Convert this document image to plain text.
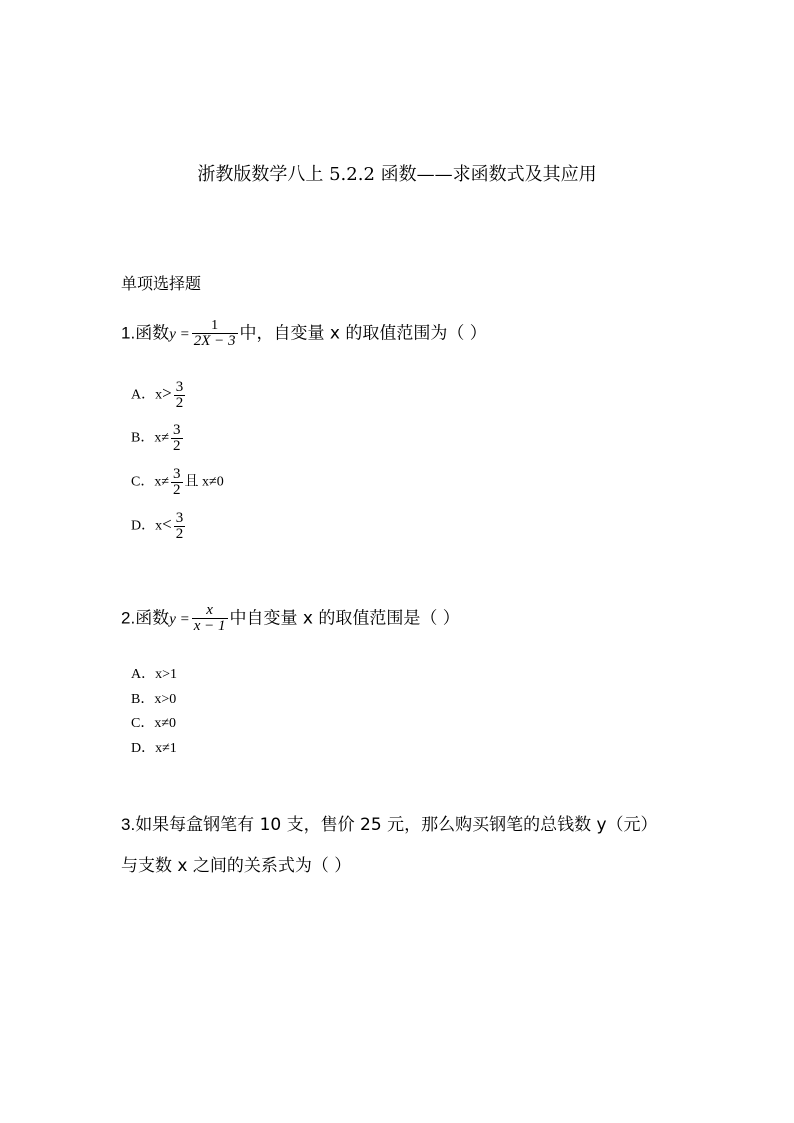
浙教版数学八上 5.2.2 函数——求函数式及其应用
单项选择题
1.函数$y = \frac{1}{2X - 3}$ 中，自变量 x 的取值范围为（ ）
A．$x> \frac{3}{2}$
B．$x\ne \frac{3}{2}$
C．$x\ne \frac{3}{2}$ 且 x≠0
D．$x< \frac{3}{2}$
2.函数$y = \frac{x}{x - 1}$ 中自变量 x 的取值范围是（ ）
A．x>1
B．x>0
C．x≠0
D．x≠1
3.如果每盒钢笔有 10 支，售价 25 元，那么购买钢笔的总钱数 y（元）
与支数 x 之间的关系式为（ ）
